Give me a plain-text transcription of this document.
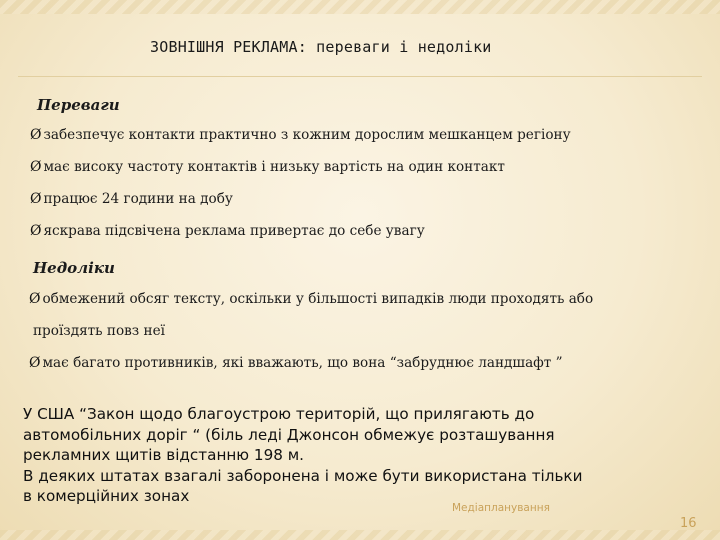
ЗОВНІШНЯ РЕКЛАМА: переваги і недоліки
Переваги
Ø забезпечує контакти практично з кожним дорослим мешканцем регіону
Ø має високу частоту контактів і низьку вартість на один контакт
Ø працює 24 години на добу
Ø яскрава підсвічена реклама привертає до себе увагу
Недоліки
Ø обмежений обсяг тексту, оскільки у більшості випадків люди проходять або
проїздять повз неї
Ø має багато противників, які вважають, що вона “забруднює ландшафт ”
У США “Закон щодо благоустрою територій, що прилягають до
автомобільних доріг “ (біль леді Джонсон обмежує розташування
рекламних щитів відстанню 198 м.
В деяких штатах взагалі заборонена і може бути використана тільки
в комерційних зонах
Медіапланування
16
